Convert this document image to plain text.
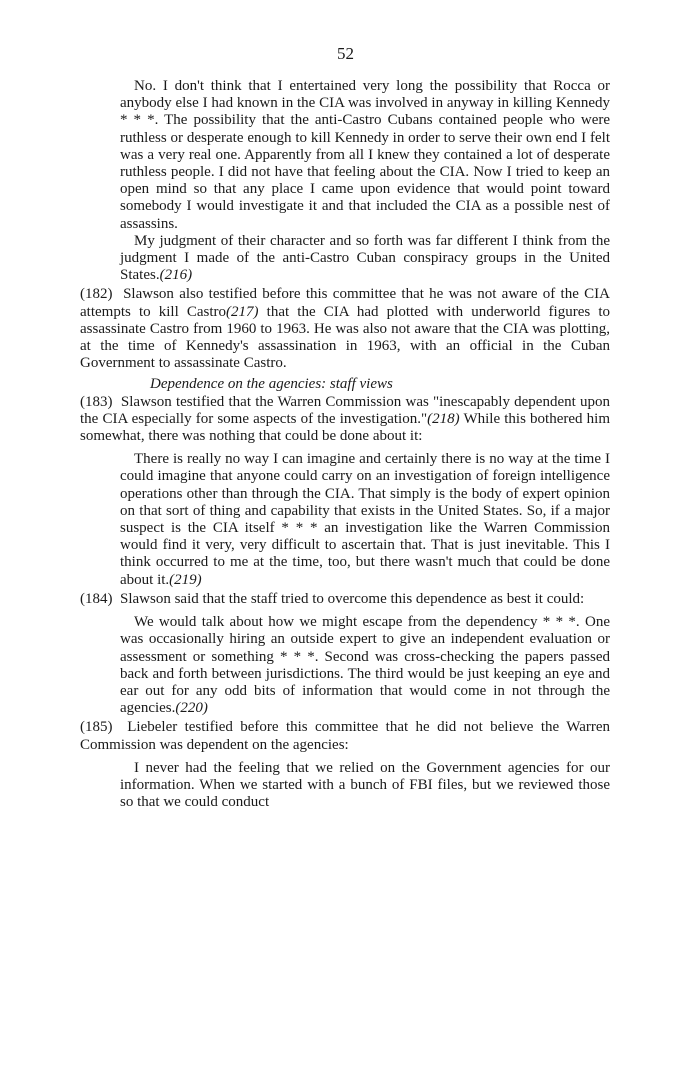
52

No. I don't think that I entertained very long the possibility that Rocca or anybody else I had known in the CIA was involved in anyway in killing Kennedy * * *. The possibility that the anti-Castro Cubans contained people who were ruthless or desperate enough to kill Kennedy in order to serve their own end I felt was a very real one. Apparently from all I knew they contained a lot of desperate ruthless people. I did not have that feeling about the CIA. Now I tried to keep an open mind so that any place I came upon evidence that would point toward somebody I would investigate it and that included the CIA as a possible nest of assassins.

My judgment of their character and so forth was far different I think from the judgment I made of the anti-Castro Cuban conspiracy groups in the United States.(216)

(182) Slawson also testified before this committee that he was not aware of the CIA attempts to kill Castro(217) that the CIA had plotted with underworld figures to assassinate Castro from 1960 to 1963. He was also not aware that the CIA was plotting, at the time of Kennedy's assassination in 1963, with an official in the Cuban Government to assassinate Castro.

Dependence on the agencies: staff views

(183) Slawson testified that the Warren Commission was "inescapably dependent upon the CIA especially for some aspects of the investigation."(218) While this bothered him somewhat, there was nothing that could be done about it:

There is really no way I can imagine and certainly there is no way at the time I could imagine that anyone could carry on an investigation of foreign intelligence operations other than through the CIA. That simply is the body of expert opinion on that sort of thing and capability that exists in the United States. So, if a major suspect is the CIA itself * * * an investigation like the Warren Commission would find it very, very difficult to ascertain that. That is just inevitable. This I think occurred to me at the time, too, but there wasn't much that could be done about it.(219)

(184) Slawson said that the staff tried to overcome this dependence as best it could:

We would talk about how we might escape from the dependency * * *. One was occasionally hiring an outside expert to give an independent evaluation or assessment or something * * *. Second was cross-checking the papers passed back and forth between jurisdictions. The third would be just keeping an eye and ear out for any odd bits of information that would come in not through the agencies.(220)

(185) Liebeler testified before this committee that he did not believe the Warren Commission was dependent on the agencies:

I never had the feeling that we relied on the Government agencies for our information. When we started with a bunch of FBI files, but we reviewed those so that we could conduct
